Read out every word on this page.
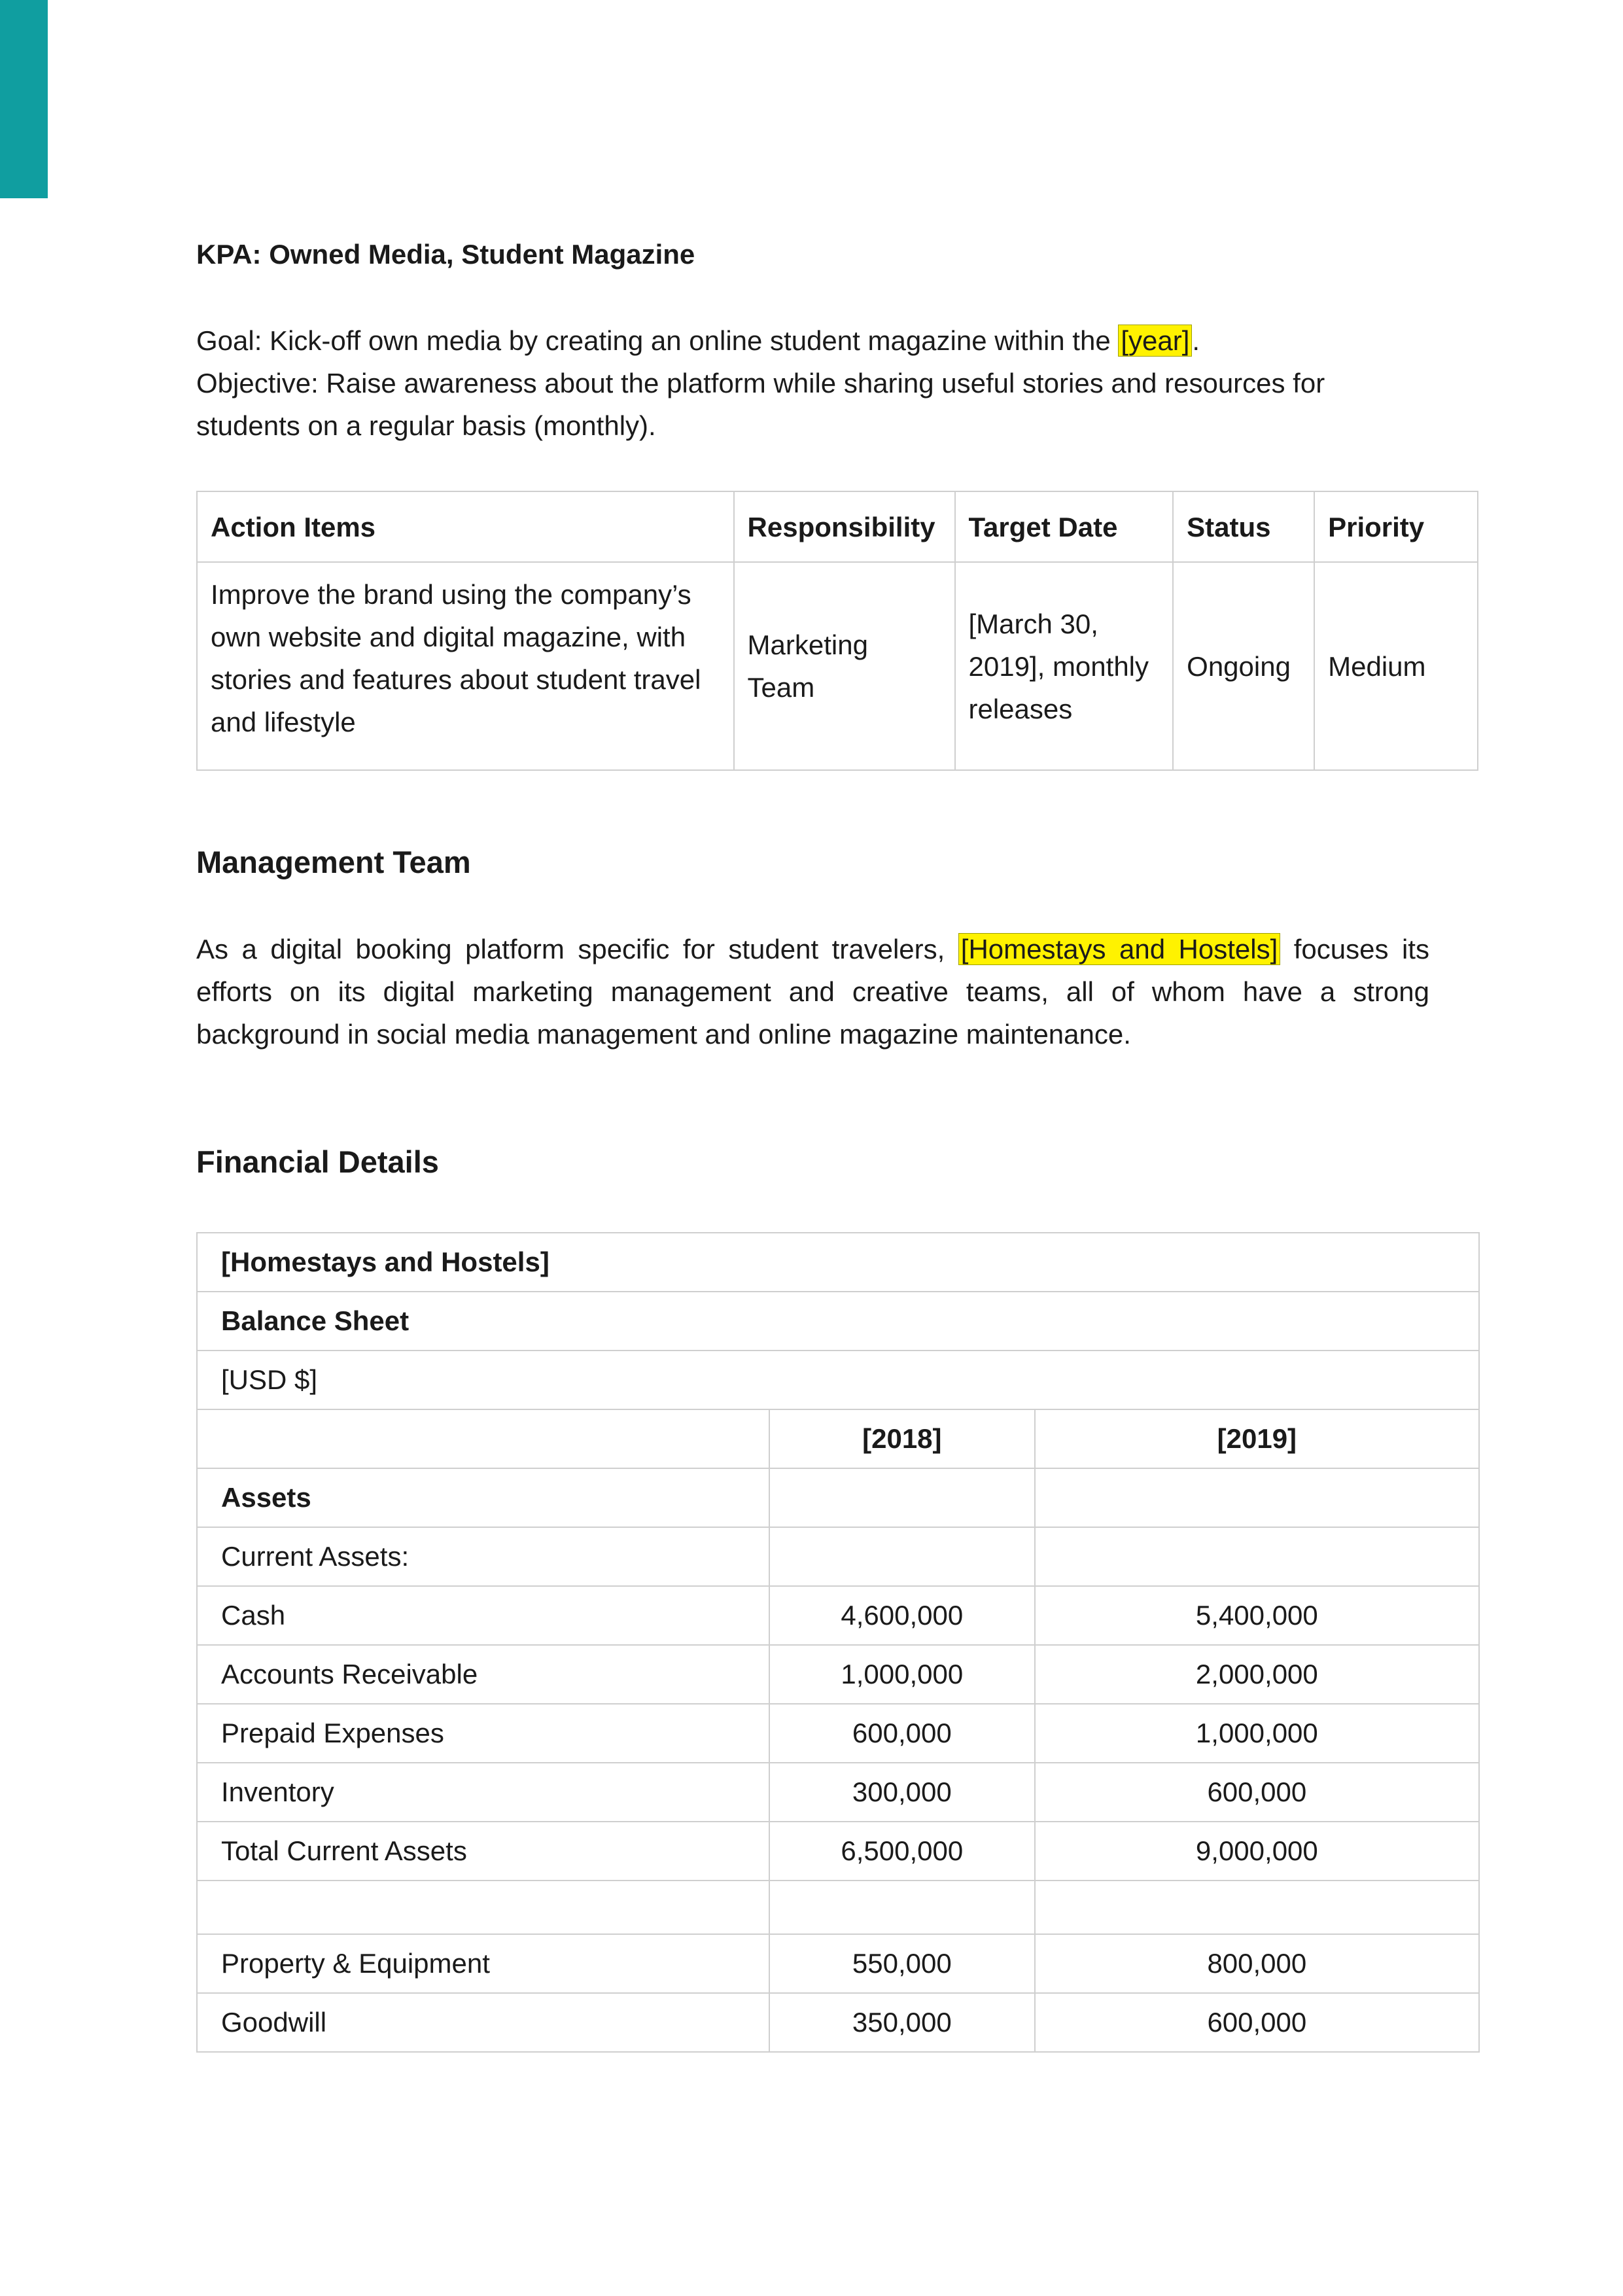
KPA: Owned Media, Student Magazine
Goal: Kick-off own media by creating an online student magazine within the [year].
Objective: Raise awareness about the platform while sharing useful stories and resources for students on a regular basis (monthly).
Action Items	Responsibility	Target Date	Status	Priority
Improve the brand using the company’s own website and digital magazine, with stories and features about student travel and lifestyle	Marketing Team	[March 30, 2019], monthly releases	Ongoing	Medium
Management Team
As a digital booking platform specific for student travelers, [Homestays and Hostels] focuses its efforts on its digital marketing management and creative teams, all of whom have a strong background in social media management and online magazine maintenance.
Financial Details
[Homestays and Hostels]		
Balance Sheet		
[USD $]		
	[2018]	[2019]
Assets		
Current Assets:		
Cash	4,600,000	5,400,000
Accounts Receivable	1,000,000	2,000,000
Prepaid Expenses	600,000	1,000,000
Inventory	300,000	600,000
Total Current Assets	6,500,000	9,000,000

Property & Equipment	550,000	800,000
Goodwill	350,000	600,000
